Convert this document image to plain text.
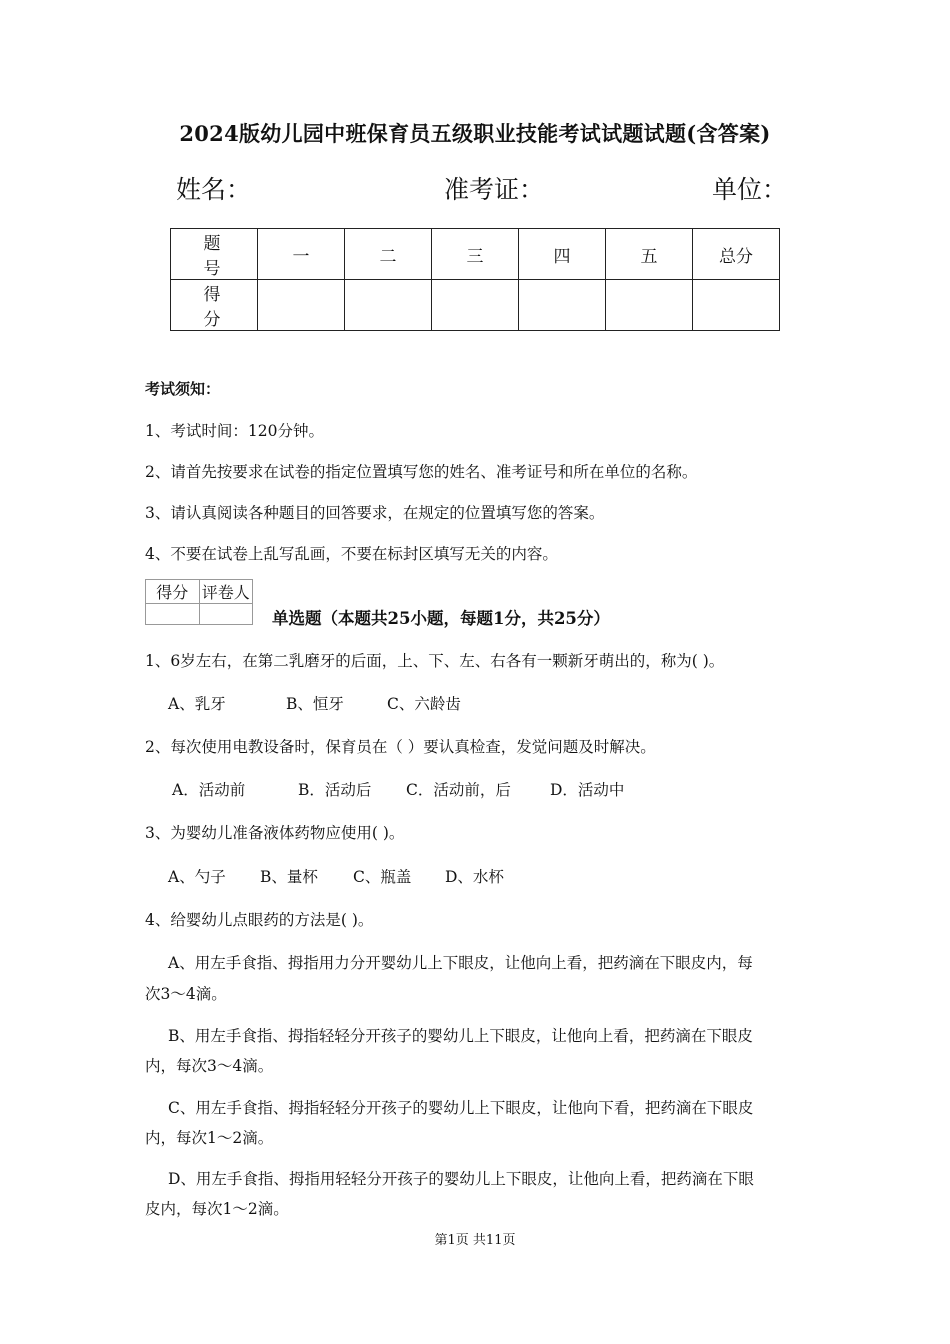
2024版幼儿园中班保育员五级职业技能考试试题试题(含答案)
姓名：	准考证：	单位：
题 号	一	二	三	四	五	总分
得 分						
考试须知：
1、考试时间：120分钟。
2、请首先按要求在试卷的指定位置填写您的姓名、准考证号和所在单位的名称。
3、请认真阅读各种题目的回答要求，在规定的位置填写您的答案。
4、不要在试卷上乱写乱画，不要在标封区填写无关的内容。
得分	评卷人

单选题（本题共25小题，每题1分，共25分）
1、6岁左右，在第二乳磨牙的后面，上、下、左、右各有一颗新牙萌出的，称为( )。
A、乳牙	B、恒牙	C、六龄齿
2、每次使用电教设备时，保育员在（ ）要认真检查，发觉问题及时解决。
A．活动前	B．活动后 C．活动前，后	D．活动中
3、为婴幼儿准备液体药物应使用( )。
A、勺子 B、量杯 C、瓶盖 D、水杯
4、给婴幼儿点眼药的方法是( )。
A、用左手食指、拇指用力分开婴幼儿上下眼皮，让他向上看，把药滴在下眼皮内，每
次3～4滴。
B、用左手食指、拇指轻轻分开孩子的婴幼儿上下眼皮，让他向上看，把药滴在下眼皮
内，每次3～4滴。
C、用左手食指、拇指轻轻分开孩子的婴幼儿上下眼皮，让他向下看，把药滴在下眼皮
内，每次1～2滴。
D、用左手食指、拇指用轻轻分开孩子的婴幼儿上下眼皮，让他向上看，把药滴在下眼
皮内，每次1～2滴。
第1页 共11页
